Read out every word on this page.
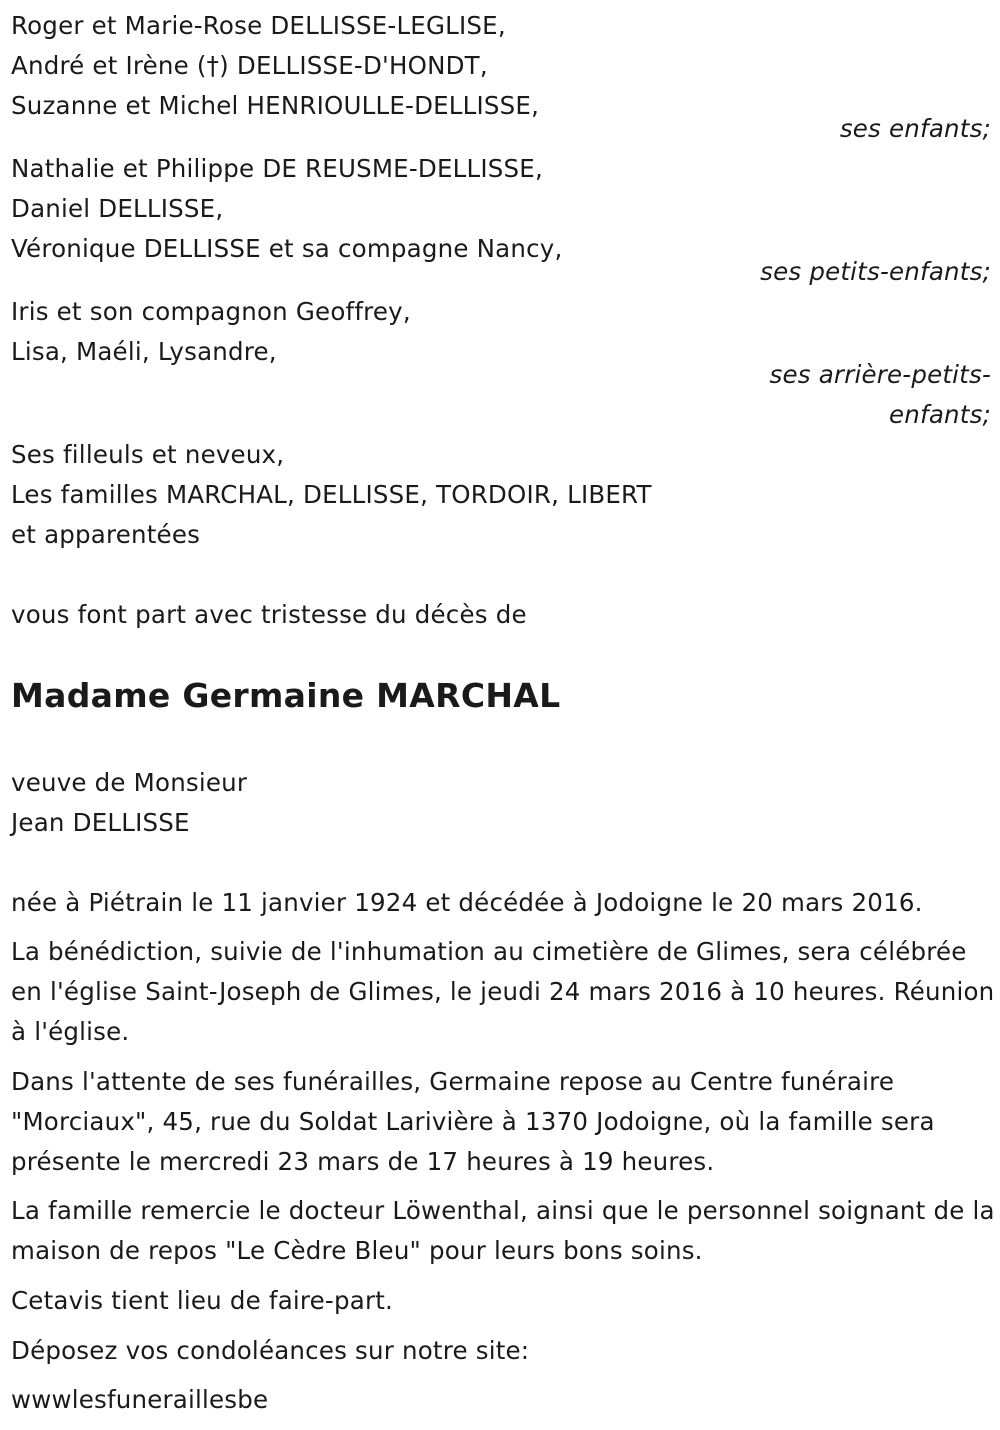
Roger et Marie-Rose DELLISSE-LEGLISE,
André et Irène (†) DELLISSE-D'HONDT,
Suzanne et Michel HENRIOULLE-DELLISSE,
ses enfants;
Nathalie et Philippe DE REUSME-DELLISSE,
Daniel DELLISSE,
Véronique DELLISSE et sa compagne Nancy,
ses petits-enfants;
Iris et son compagnon Geoffrey,
Lisa, Maéli, Lysandre,
ses arrière-petits-
enfants;
Ses filleuls et neveux,
Les familles MARCHAL, DELLISSE, TORDOIR, LIBERT
et apparentées
vous font part avec tristesse du décès de
Madame Germaine MARCHAL
veuve de Monsieur
Jean DELLISSE
née à Piétrain le 11 janvier 1924 et décédée à Jodoigne le 20 mars 2016.
La bénédiction, suivie de l'inhumation au cimetière de Glimes, sera célébrée en l'église Saint-Joseph de Glimes, le jeudi 24 mars 2016 à 10 heures. Réunion à l'église.
Dans l'attente de ses funérailles, Germaine repose au Centre funéraire "Morciaux", 45, rue du Soldat Larivière à 1370 Jodoigne, où la famille sera présente le mercredi 23 mars de 17 heures à 19 heures.
La famille remercie le docteur Löwenthal, ainsi que le personnel soignant de la maison de repos "Le Cèdre Bleu" pour leurs bons soins.
Cetavis tient lieu de faire-part.
Déposez vos condoléances sur notre site:
wwwlesfuneraillesbe
